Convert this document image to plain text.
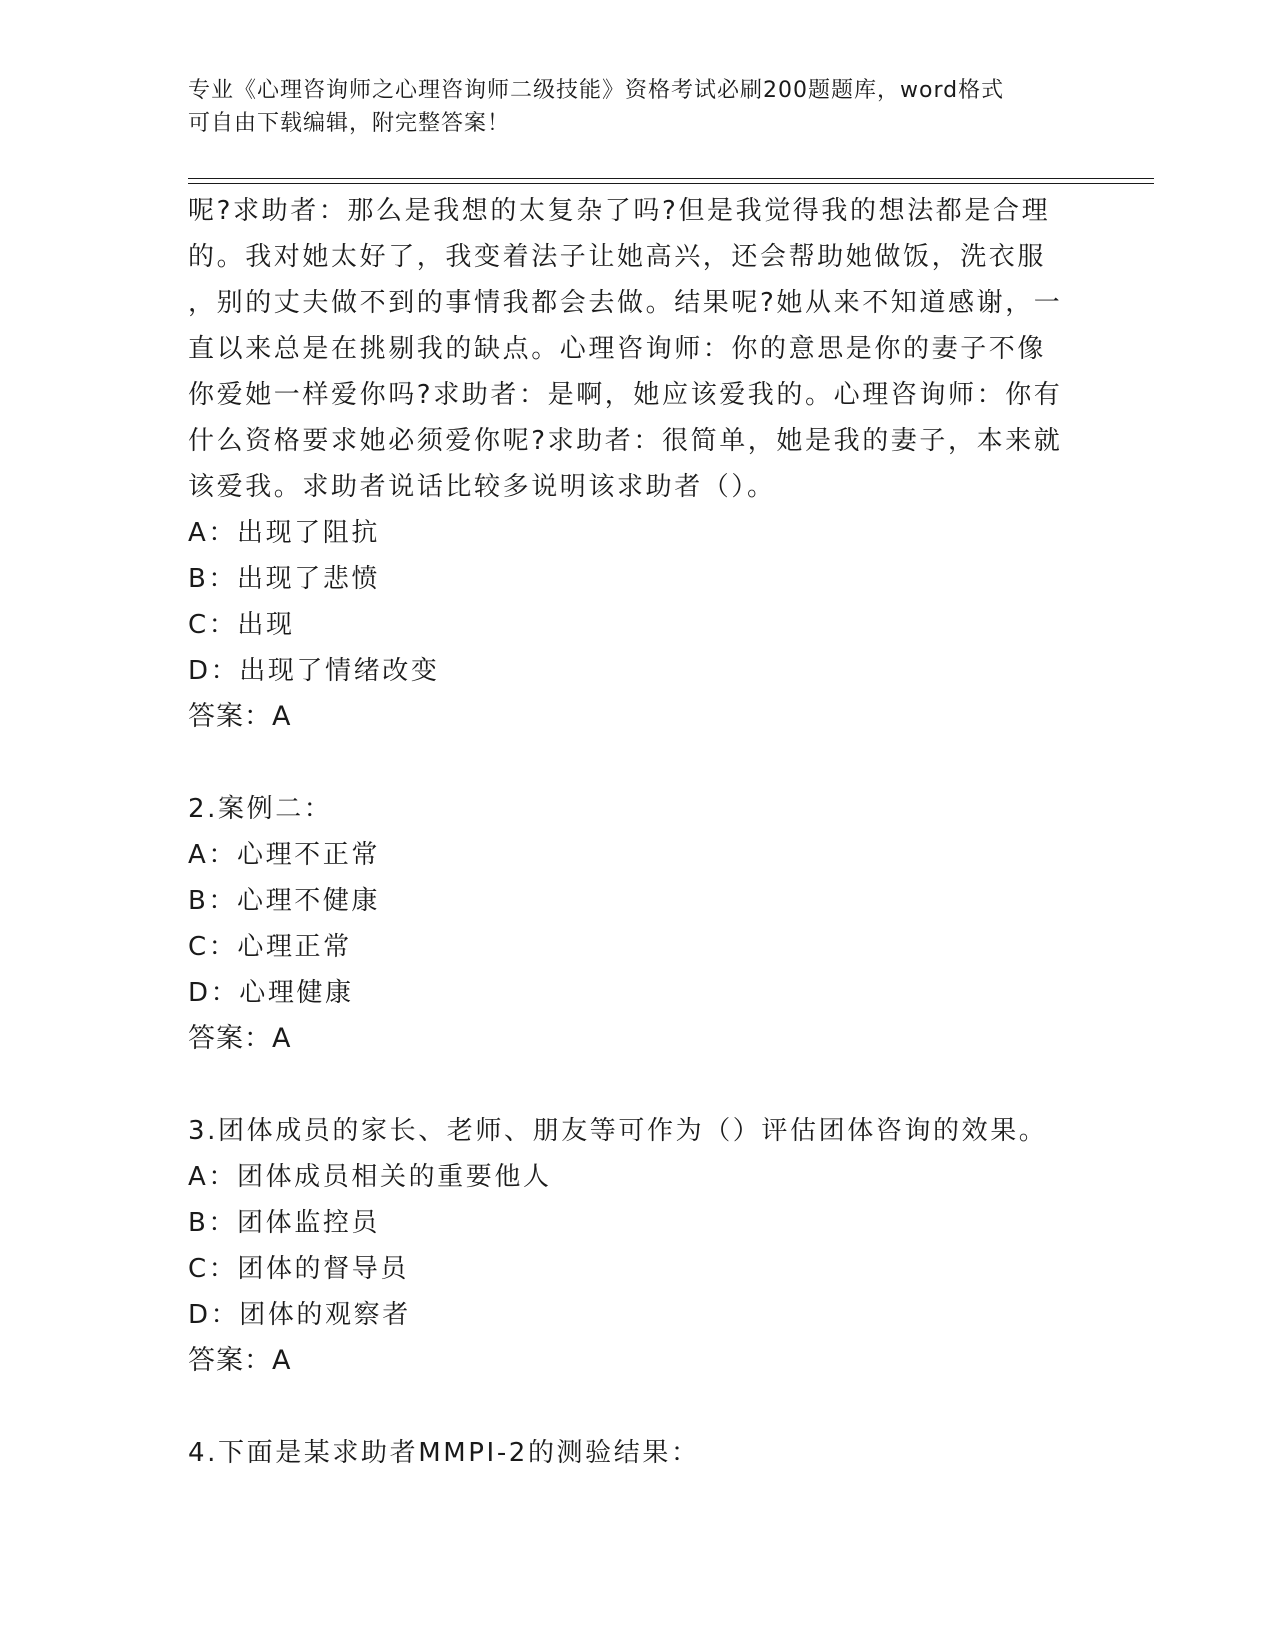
专业《心理咨询师之心理咨询师二级技能》资格考试必刷200题题库，word格式
可自由下载编辑，附完整答案！
呢?求助者：那么是我想的太复杂了吗?但是我觉得我的想法都是合理
的。我对她太好了，我变着法子让她高兴，还会帮助她做饭，洗衣服
，别的丈夫做不到的事情我都会去做。结果呢?她从来不知道感谢，一
直以来总是在挑剔我的缺点。心理咨询师：你的意思是你的妻子不像
你爱她一样爱你吗?求助者：是啊，她应该爱我的。心理咨询师：你有
什么资格要求她必须爱你呢?求助者：很简单，她是我的妻子，本来就
该爱我。求助者说话比较多说明该求助者（）。
A：出现了阻抗
B：出现了悲愤
C：出现
D：出现了情绪改变
答案：A
2.案例二：
A：心理不正常
B：心理不健康
C：心理正常
D：心理健康
答案：A
3.团体成员的家长、老师、朋友等可作为（）评估团体咨询的效果。
A：团体成员相关的重要他人
B：团体监控员
C：团体的督导员
D：团体的观察者
答案：A
4.下面是某求助者MMPI-2的测验结果：
